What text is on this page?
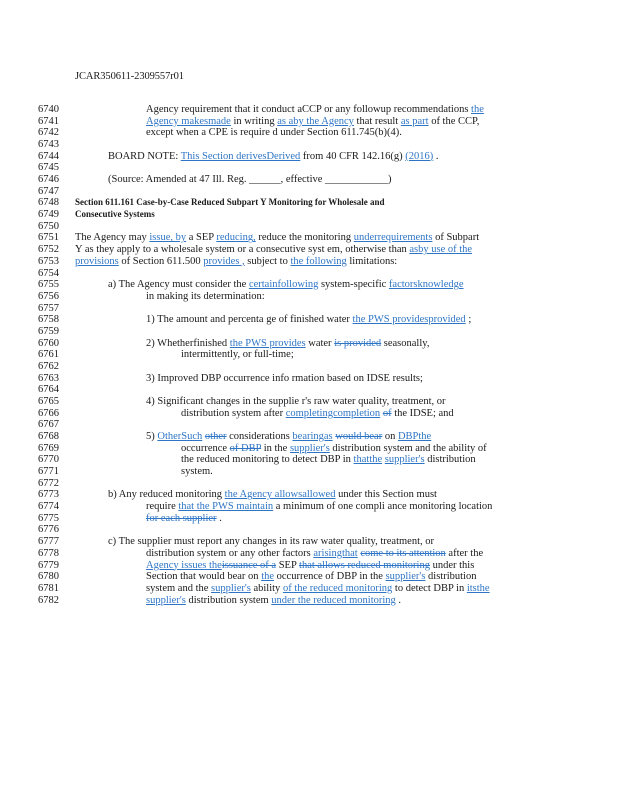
JCAR350611-2309557r01
6740	Agency requirement that it conduct aCCP or any followup recommendations the
6741	Agency makesmade in writing as aby the Agency that result as part of the CCP,
6742	except when a CPE is require d under Section 611.745(b)(4).
6743
6744	BOARD NOTE: This Section derivesDerived from 40 CFR 142.16(g) (2016) .
6745
6746	(Source: Amended at 47 Ill. Reg. ______, effective ____________)
6747
6748	Section 611.161 Case-by-Case Reduced Subpart Y Monitoring for Wholesale and
6749	Consecutive Systems
6750
6751	The Agency may issue, by a SEP reducing, reduce the monitoring underrequirements of Subpart
6752	Y as they apply to a wholesale system or a consecutive syst em, otherwise than asby use of the
6753	provisions of Section 611.500 provides , subject to the following limitations:
6754
6755	a) The Agency must consider the certainfollowing system-specific factorsknowledge
6756	in making its determination:
6757
6758	1) The amount and percenta ge of finished water the PWS providesprovided ;
6759
6760	2) Whetherfinished the PWS provides water is provided seasonally,
6761	intermittently, or full-time;
6762
6763	3) Improved DBP occurrence info rmation based on IDSE results;
6764
6765	4) Significant changes in the supplie r's raw water quality, treatment, or
6766	distribution system after completingcompletion of the IDSE; and
6767
6768	5) OtherSuch other considerations bearingas would bear on DBPthe
6769	occurrence of DBP in the supplier's distribution system and the ability of
6770	the reduced monitoring to detect DBP in thatthe supplier's distribution
6771	system.
6772
6773	b) Any reduced monitoring the Agency allowsallowed under this Section must
6774	require that the PWS maintain a minimum of one compli ance monitoring location
6775	for each supplier .
6776
6777	c) The supplier must report any changes in its raw water quality, treatment, or
6778	distribution system or any other factors arisingthat come to its attention after the
6779	Agency issues theissuance of a SEP that allows reduced monitoring under this
6780	Section that would bear on the occurrence of DBP in the supplier's distribution
6781	system and the supplier's ability of the reduced monitoring to detect DBP in itsthe
6782	supplier's distribution system under the reduced monitoring .
